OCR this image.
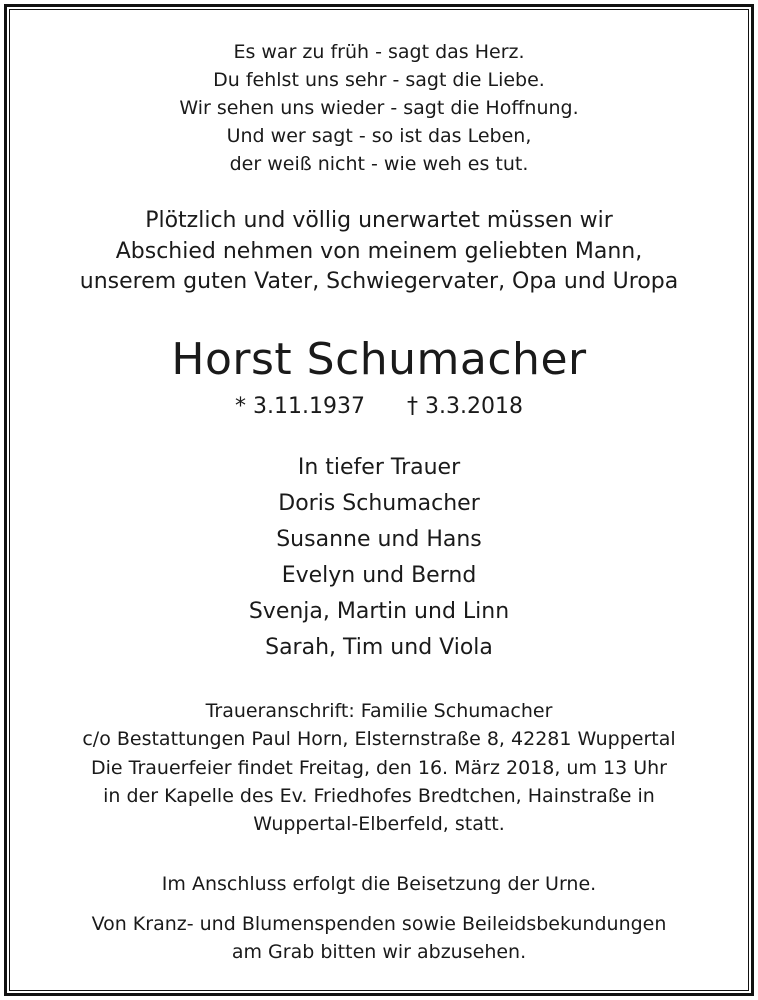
Es war zu früh - sagt das Herz.
Du fehlst uns sehr - sagt die Liebe.
Wir sehen uns wieder - sagt die Hoffnung.
Und wer sagt - so ist das Leben,
der weiß nicht - wie weh es tut.
Plötzlich und völlig unerwartet müssen wir
Abschied nehmen von meinem geliebten Mann,
unserem guten Vater, Schwiegervater, Opa und Uropa
Horst Schumacher
* 3.11.1937 † 3.3.2018
In tiefer Trauer
Doris Schumacher
Susanne und Hans
Evelyn und Bernd
Svenja, Martin und Linn
Sarah, Tim und Viola
Traueranschrift: Familie Schumacher
c/o Bestattungen Paul Horn, Elsternstraße 8, 42281 Wuppertal
Die Trauerfeier findet Freitag, den 16. März 2018, um 13 Uhr
in der Kapelle des Ev. Friedhofes Bredtchen, Hainstraße in
Wuppertal-Elberfeld, statt.
Im Anschluss erfolgt die Beisetzung der Urne.
Von Kranz- und Blumenspenden sowie Beileidsbekundungen
am Grab bitten wir abzusehen.
